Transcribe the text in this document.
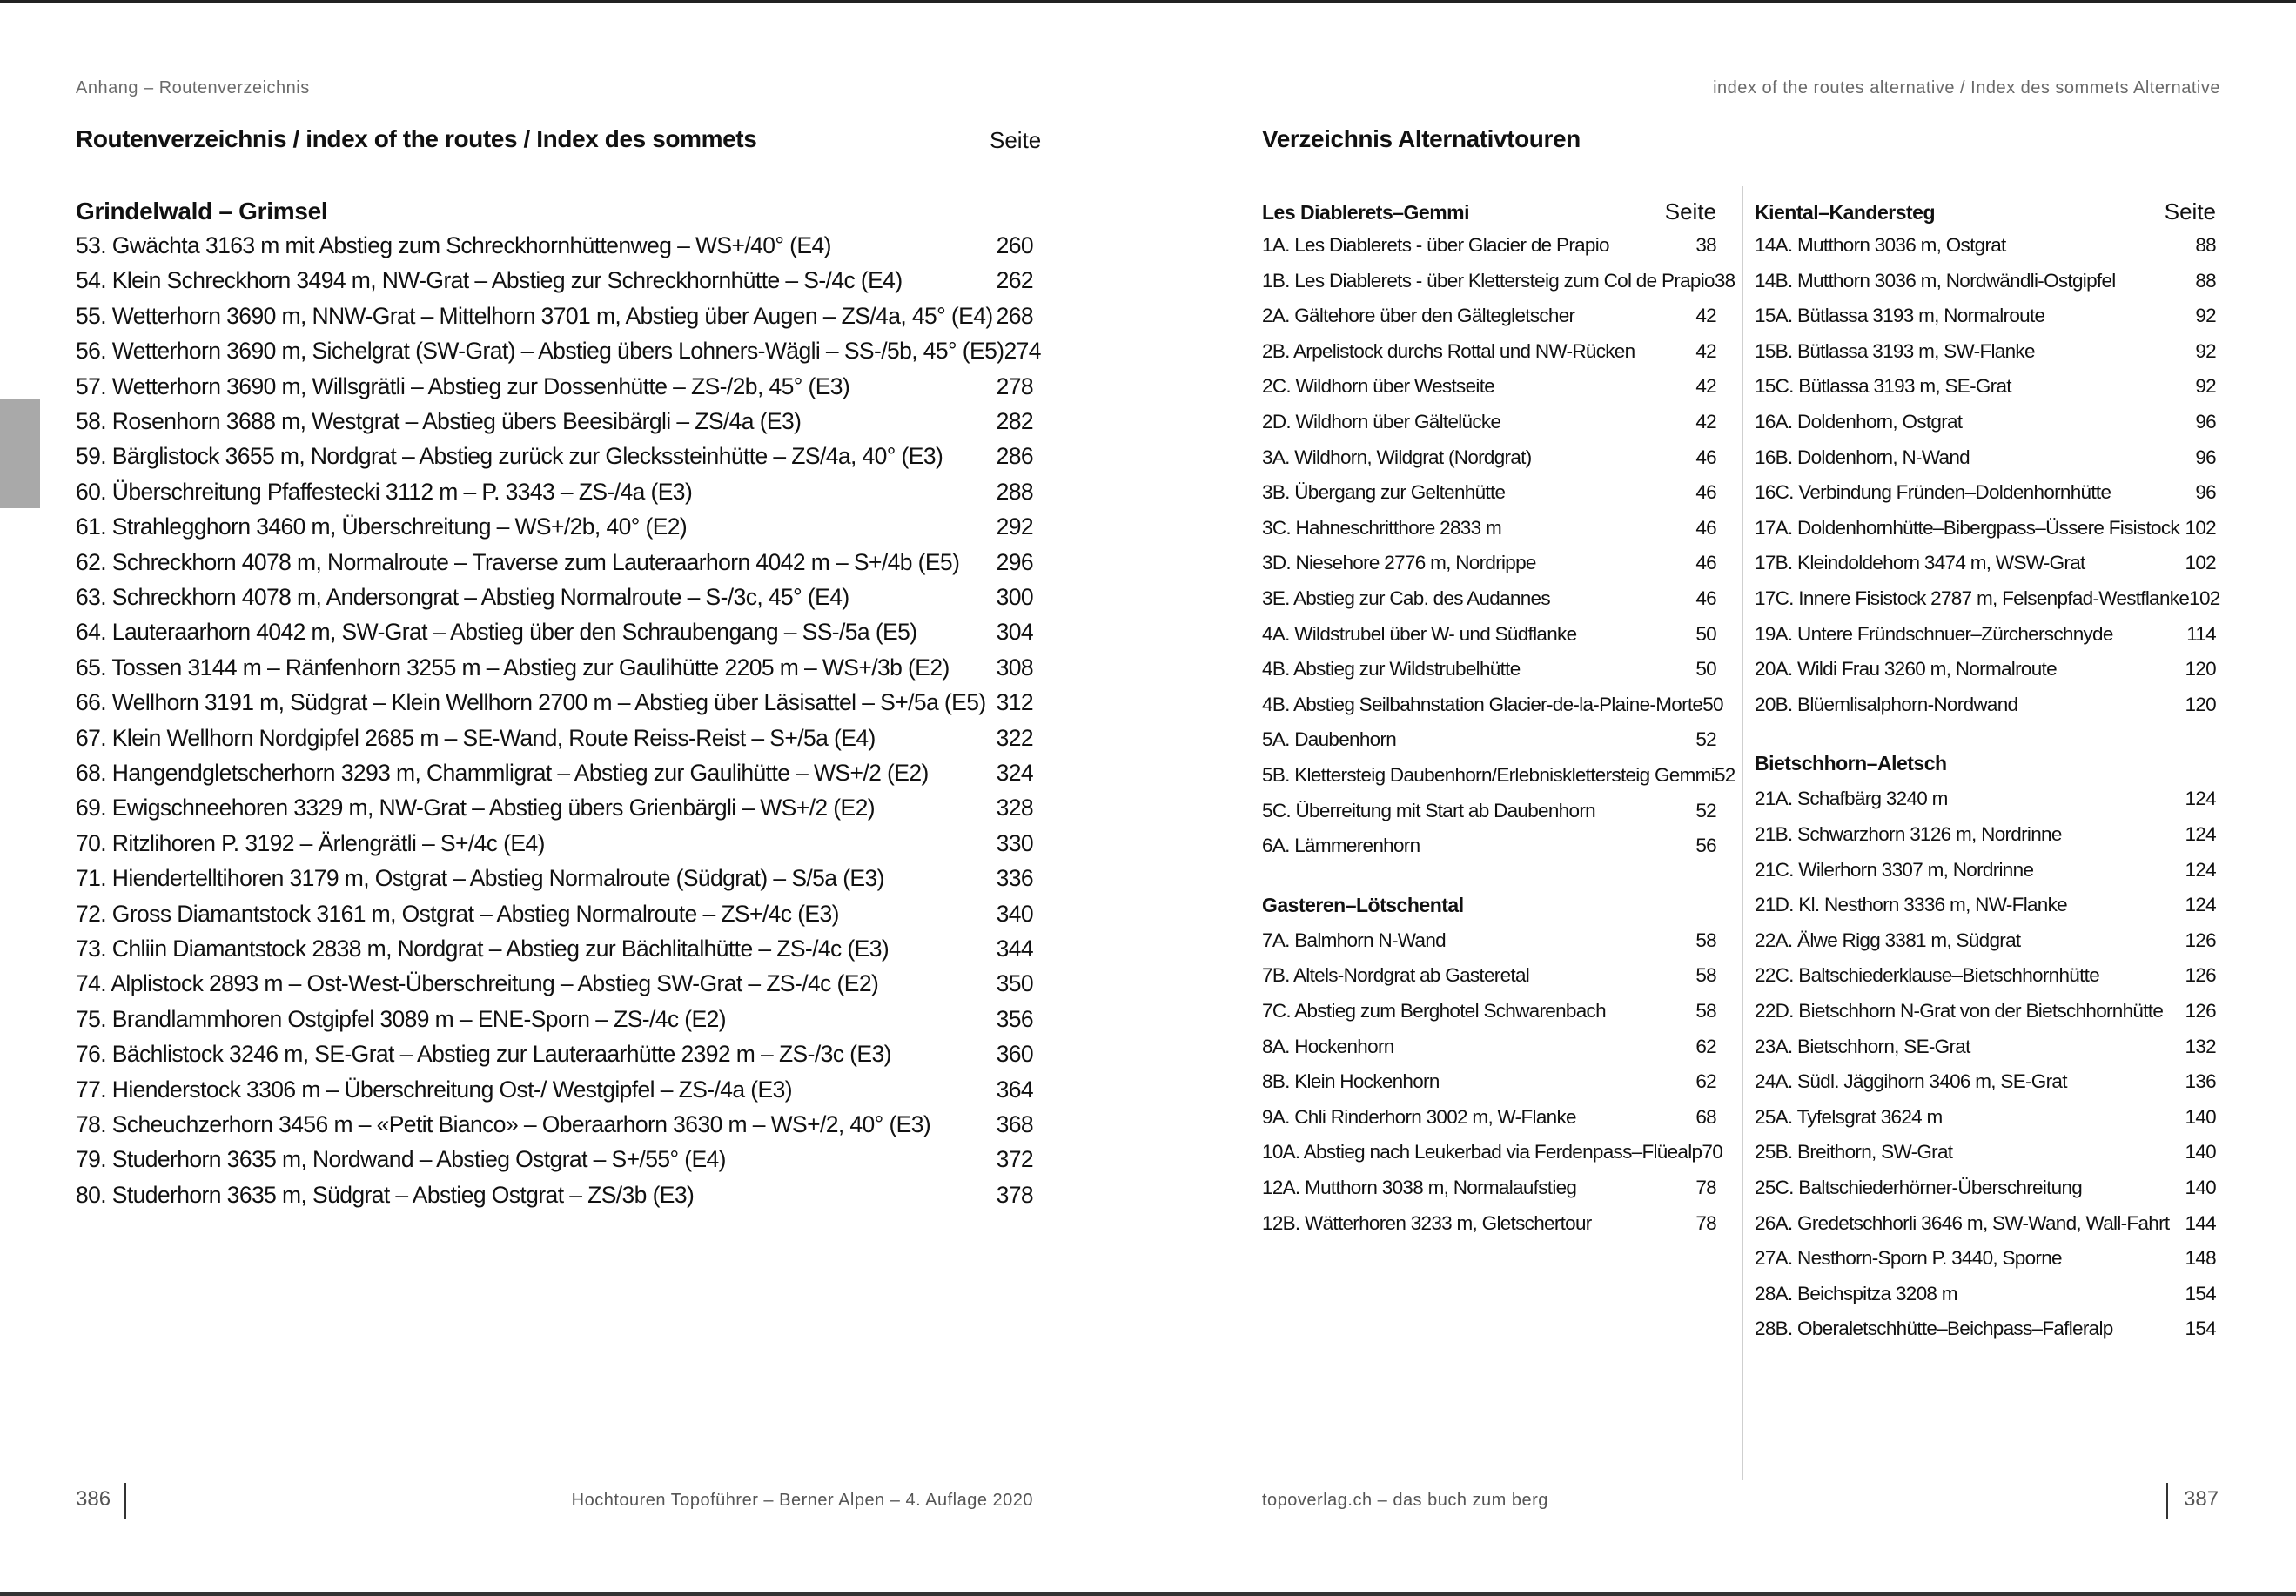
Anhang – Routenverzeichnis
Routenverzeichnis / index of the routes / Index des sommets	Seite
Grindelwald – Grimsel
53. Gwächta 3163 m mit Abstieg zum Schreckhornhüttenweg – WS+/40° (E4)	260
54. Klein Schreckhorn 3494 m, NW-Grat – Abstieg zur Schreckhornhütte – S-/4c (E4)	262
55. Wetterhorn 3690 m, NNW-Grat – Mittelhorn 3701 m, Abstieg über Augen – ZS/4a, 45° (E4) 268
56. Wetterhorn 3690 m, Sichelgrat (SW-Grat) – Abstieg übers Lohners-Wägli – SS-/5b, 45° (E5) 274
57. Wetterhorn 3690 m, Willsgrätli – Abstieg zur Dossenhütte – ZS-/2b, 45° (E3)	278
58. Rosenhorn 3688 m, Westgrat – Abstieg übers Beesibärgli – ZS/4a (E3)	282
59. Bärglistock 3655 m, Nordgrat – Abstieg zurück zur Gleckssteinhütte – ZS/4a, 40° (E3) 286
60. Überschreitung Pfaffestecki 3112 m – P. 3343 – ZS-/4a (E3)	288
61. Strahlegghorn 3460 m, Überschreitung – WS+/2b, 40° (E2)	292
62. Schreckhorn 4078 m, Normalroute – Traverse zum Lauteraarhorn 4042 m – S+/4b (E5) 296
63. Schreckhorn 4078 m, Andersongrat – Abstieg Normalroute – S-/3c, 45° (E4)	300
64. Lauteraarhorn 4042 m, SW-Grat – Abstieg über den Schraubengang – SS-/5a (E5)	304
65. Tossen 3144 m – Ränfenhorn 3255 m – Abstieg zur Gaulihütte 2205 m – WS+/3b (E2) 308
66. Wellhorn 3191 m, Südgrat – Klein Wellhorn 2700 m – Abstieg über Läsisattel – S+/5a (E5) 312
67. Klein Wellhorn Nordgipfel 2685 m – SE-Wand, Route Reiss-Reist – S+/5a (E4)	322
68. Hangendgletscherhorn 3293 m, Chammligrat – Abstieg zur Gaulihütte – WS+/2 (E2)	324
69. Ewigschneehoren 3329 m, NW-Grat – Abstieg übers Grienbärgli – WS+/2 (E2)	328
70. Ritzlihoren P. 3192 – Ärlengrätli – S+/4c (E4)	330
71. Hiendertelltihoren 3179 m, Ostgrat – Abstieg Normalroute (Südgrat) – S/5a (E3)	336
72. Gross Diamantstock 3161 m, Ostgrat – Abstieg Normalroute – ZS+/4c (E3)	340
73. Chliin Diamantstock 2838 m, Nordgrat – Abstieg zur Bächlitalhütte – ZS-/4c (E3)	344
74. Alplistock 2893 m – Ost-West-Überschreitung – Abstieg SW-Grat – ZS-/4c (E2)	350
75. Brandlammhoren Ostgipfel 3089 m – ENE-Sporn – ZS-/4c (E2)	356
76. Bächlistock 3246 m, SE-Grat – Abstieg zur Lauteraarhütte 2392 m – ZS-/3c (E3)	360
77. Hienderstock 3306 m – Überschreitung Ost-/ Westgipfel – ZS-/4a (E3)	364
78. Scheuchzerhorn 3456 m – «Petit Bianco» – Oberaarhorn 3630 m – WS+/2, 40° (E3)	368
79. Studerhorn 3635 m, Nordwand – Abstieg Ostgrat – S+/55° (E4)	372
80. Studerhorn 3635 m, Südgrat – Abstieg Ostgrat – ZS/3b (E3)	378
386	Hochtouren Topoführer – Berner Alpen – 4. Auflage 2020
index of the routes alternative / Index des sommets Alternative
Verzeichnis Alternativtouren
Les Diablerets–Gemmi	Seite
1A. Les Diablerets - über Glacier de Prapio	38
1B. Les Diablerets - über Klettersteig zum Col de Prapio 38
2A. Gältehore über den Gältegletscher	42
2B. Arpelistock durchs Rottal und NW-Rücken	42
2C. Wildhorn über Westseite	42
2D. Wildhorn über Gältelücke	42
3A. Wildhorn, Wildgrat (Nordgrat)	46
3B. Übergang zur Geltenhütte	46
3C. Hahneschritthore 2833 m	46
3D. Niesehore 2776 m, Nordrippe	46
3E. Abstieg zur Cab. des Audannes	46
4A. Wildstrubel über W- und Südflanke	50
4B. Abstieg zur Wildstrubelhütte	50
4B. Abstieg Seilbahnstation Glacier-de-la-Plaine-Morte 50
5A. Daubenhorn	52
5B. Klettersteig Daubenhorn/Erlebnisklettersteig Gemmi 52
5C. Überreitung mit Start ab Daubenhorn	52
6A. Lämmerenhorn	56
Gasteren–Lötschental
7A. Balmhorn N-Wand	58
7B. Altels-Nordgrat ab Gasteretal	58
7C. Abstieg zum Berghotel Schwarenbach	58
8A. Hockenhorn	62
8B. Klein Hockenhorn	62
9A. Chli Rinderhorn 3002 m, W-Flanke	68
10A. Abstieg nach Leukerbad via Ferdenpass–Flüealp 70
12A. Mutthorn 3038 m, Normalaufstieg	78
12B. Wätterhoren 3233 m, Gletschertour	78
Kiental–Kandersteg	Seite
14A. Mutthorn 3036 m, Ostgrat	88
14B. Mutthorn 3036 m, Nordwändli-Ostgipfel	88
15A. Bütlassa 3193 m, Normalroute	92
15B. Bütlassa 3193 m, SW-Flanke	92
15C. Bütlassa 3193 m, SE-Grat	92
16A. Doldenhorn, Ostgrat	96
16B. Doldenhorn, N-Wand	96
16C. Verbindung Fründen–Doldenhornhütte	96
17A. Doldenhornhütte–Bibergpass–Üssere Fisistock 102
17B. Kleindoldehorn 3474 m, WSW-Grat	102
17C. Innere Fisistock 2787 m, Felsenpfad-Westflanke 102
19A. Untere Fründschnuer–Zürcherschnyde	114
20A. Wildi Frau 3260 m, Normalroute	120
20B. Blüemlisalphorn-Nordwand	120
Bietschhorn–Aletsch
21A. Schafbärg 3240 m	124
21B. Schwarzhorn 3126 m, Nordrinne	124
21C. Wilerhorn 3307 m, Nordrinne	124
21D. Kl. Nesthorn 3336 m, NW-Flanke	124
22A. Älwe Rigg 3381 m, Südgrat	126
22C. Baltschiederklause–Bietschhornhütte	126
22D. Bietschhorn N-Grat von der Bietschhornhütte 126
23A. Bietschhorn, SE-Grat	132
24A. Südl. Jäggihorn 3406 m, SE-Grat	136
25A. Tyfelsgrat 3624 m	140
25B. Breithorn, SW-Grat	140
25C. Baltschiederhörner-Überschreitung	140
26A. Gredetschhorli 3646 m, SW-Wand, Wall-Fahrt 144
27A. Nesthorn-Sporn P. 3440, Sporne	148
28A. Beichspitza 3208 m	154
28B. Oberaletschhütte–Beichpass–Fafleralp	154
topoverlag.ch – das buch zum berg	387
